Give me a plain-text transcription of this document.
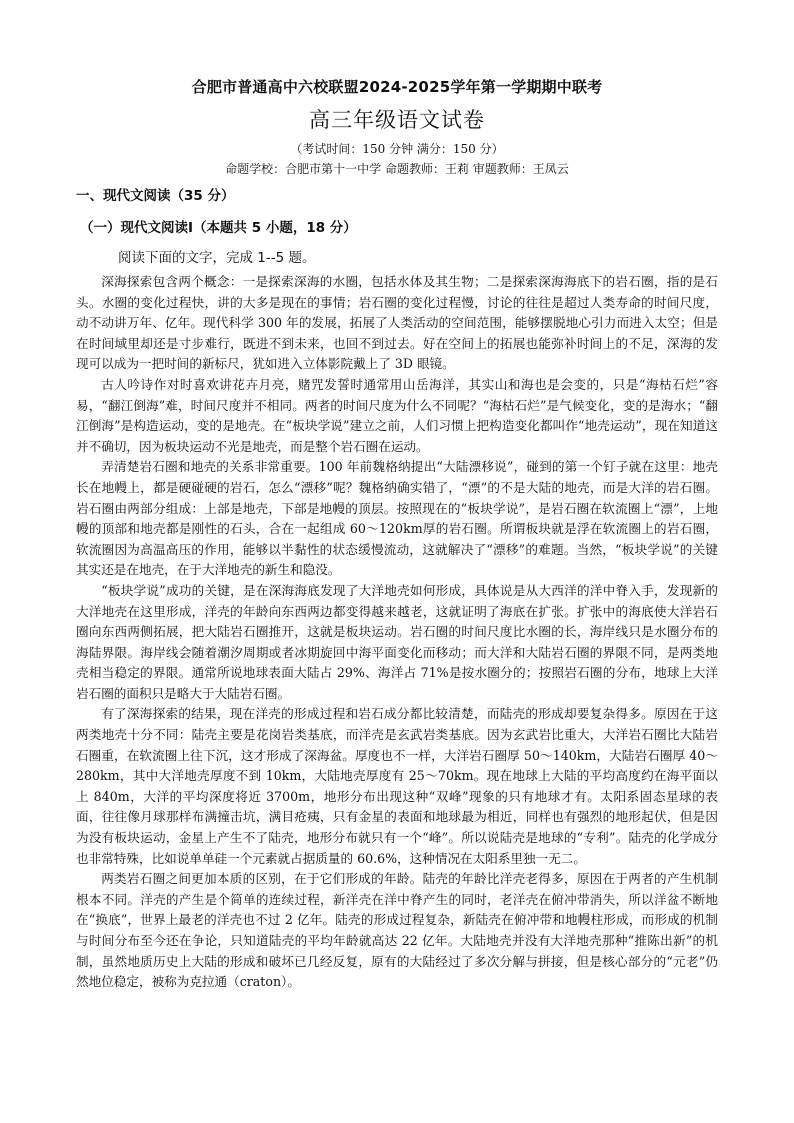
合肥市普通高中六校联盟2024-2025学年第一学期期中联考
高三年级语文试卷
（考试时间：150 分钟 满分：150 分）
命题学校：合肥市第十一中学 命题教师：王莉 审题教师：王凤云
一、现代文阅读（35 分）
（一）现代文阅读Ⅰ（本题共 5 小题，18 分）
阅读下面的文字，完成 1--5 题。

深海探索包含两个概念：一是探索深海的水圈，包括水体及其生物；二是探索深海海底下的岩石圈，指的是石头。水圈的变化过程快，讲的大多是现在的事情；岩石圈的变化过程慢，讨论的往往是超过人类寿命的时间尺度，动不动讲万年、亿年。现代科学 300 年的发展，拓展了人类活动的空间范围，能够摆脱地心引力而进入太空；但是在时间域里却还是寸步难行，既进不到未来，也回不到过去。好在空间上的拓展也能弥补时间上的不足，深海的发现可以成为一把时间的新标尺，犹如进入立体影院戴上了 3D 眼镜。

古人吟诗作对时喜欢讲花卉月亮，赌咒发誓时通常用山岳海洋，其实山和海也是会变的，只是“海枯石烂”容易，“翻江倒海”难，时间尺度并不相同。两者的时间尺度为什么不同呢？“海枯石烂”是气候变化，变的是海水；“翻江倒海”是构造运动，变的是地壳。在“板块学说”建立之前，人们习惯上把构造变化都叫作“地壳运动”，现在知道这并不确切，因为板块运动不光是地壳，而是整个岩石圈在运动。

弄清楚岩石圈和地壳的关系非常重要。100 年前魏格纳提出“大陆漂移说”，碰到的第一个钉子就在这里：地壳长在地幔上，都是硬碰硬的岩石，怎么“漂移”呢？魏格纳确实错了，“漂”的不是大陆的地壳，而是大洋的岩石圈。岩石圈由两部分组成：上部是地壳，下部是地幔的顶层。按照现在的“板块学说”，是岩石圈在软流圈上“漂”，上地幔的顶部和地壳都是刚性的石头，合在一起组成 60～120km厚的岩石圈。所谓板块就是浮在软流圈上的岩石圈，软流圈因为高温高压的作用，能够以半黏性的状态缓慢流动，这就解决了“漂移”的难题。当然，“板块学说”的关键其实还是在地壳，在于大洋地壳的新生和隐没。

“板块学说”成功的关键，是在深海海底发现了大洋地壳如何形成，具体说是从大西洋的洋中脊入手，发现新的大洋地壳在这里形成，洋壳的年龄向东西两边都变得越来越老，这就证明了海底在扩张。扩张中的海底使大洋岩石圈向东西两侧拓展，把大陆岩石圈推开，这就是板块运动。岩石圈的时间尺度比水圈的长，海岸线只是水圈分布的海陆界限。海岸线会随着潮汐周期或者冰期旋回中海平面变化而移动；而大洋和大陆岩石圈的界限不同，是两类地壳相当稳定的界限。通常所说地球表面大陆占 29%、海洋占 71%是按水圈分的；按照岩石圈的分布，地球上大洋岩石圈的面积只是略大于大陆岩石圈。

有了深海探索的结果，现在洋壳的形成过程和岩石成分都比较清楚，而陆壳的形成却要复杂得多。原因在于这两类地壳十分不同：陆壳主要是花岗岩类基底，而洋壳是玄武岩类基底。因为玄武岩比重大，大洋岩石圈比大陆岩石圈重，在软流圈上往下沉，这才形成了深海盆。厚度也不一样，大洋岩石圈厚 50～140km，大陆岩石圈厚 40～280km，其中大洋地壳厚度不到 10km，大陆地壳厚度有 25～70km。现在地球上大陆的平均高度约在海平面以上 840m，大洋的平均深度将近 3700m，地形分布出现这种“双峰”现象的只有地球才有。太阳系固态星球的表面，往往像月球那样布满撞击坑，满目疮痍，只有金星的表面和地球最为相近，同样也有强烈的地形起伏，但是因为没有板块运动，金星上产生不了陆壳，地形分布就只有一个“峰”。所以说陆壳是地球的“专利”。陆壳的化学成分也非常特殊，比如说单单硅一个元素就占据质量的 60.6%，这种情况在太阳系里独一无二。

两类岩石圈之间更加本质的区别，在于它们形成的年龄。陆壳的年龄比洋壳老得多，原因在于两者的产生机制根本不同。洋壳的产生是个简单的连续过程，新洋壳在洋中脊产生的同时，老洋壳在俯冲带消失，所以洋盆不断地在“换底”，世界上最老的洋壳也不过 2 亿年。陆壳的形成过程复杂，新陆壳在俯冲带和地幔柱形成，而形成的机制与时间分布至今还在争论，只知道陆壳的平均年龄就高达 22 亿年。大陆地壳并没有大洋地壳那种“推陈出新”的机制，虽然地质历史上大陆的形成和破坏已几经反复，原有的大陆经过了多次分解与拼接，但是核心部分的“元老”仍然地位稳定，被称为克拉通（craton）。
